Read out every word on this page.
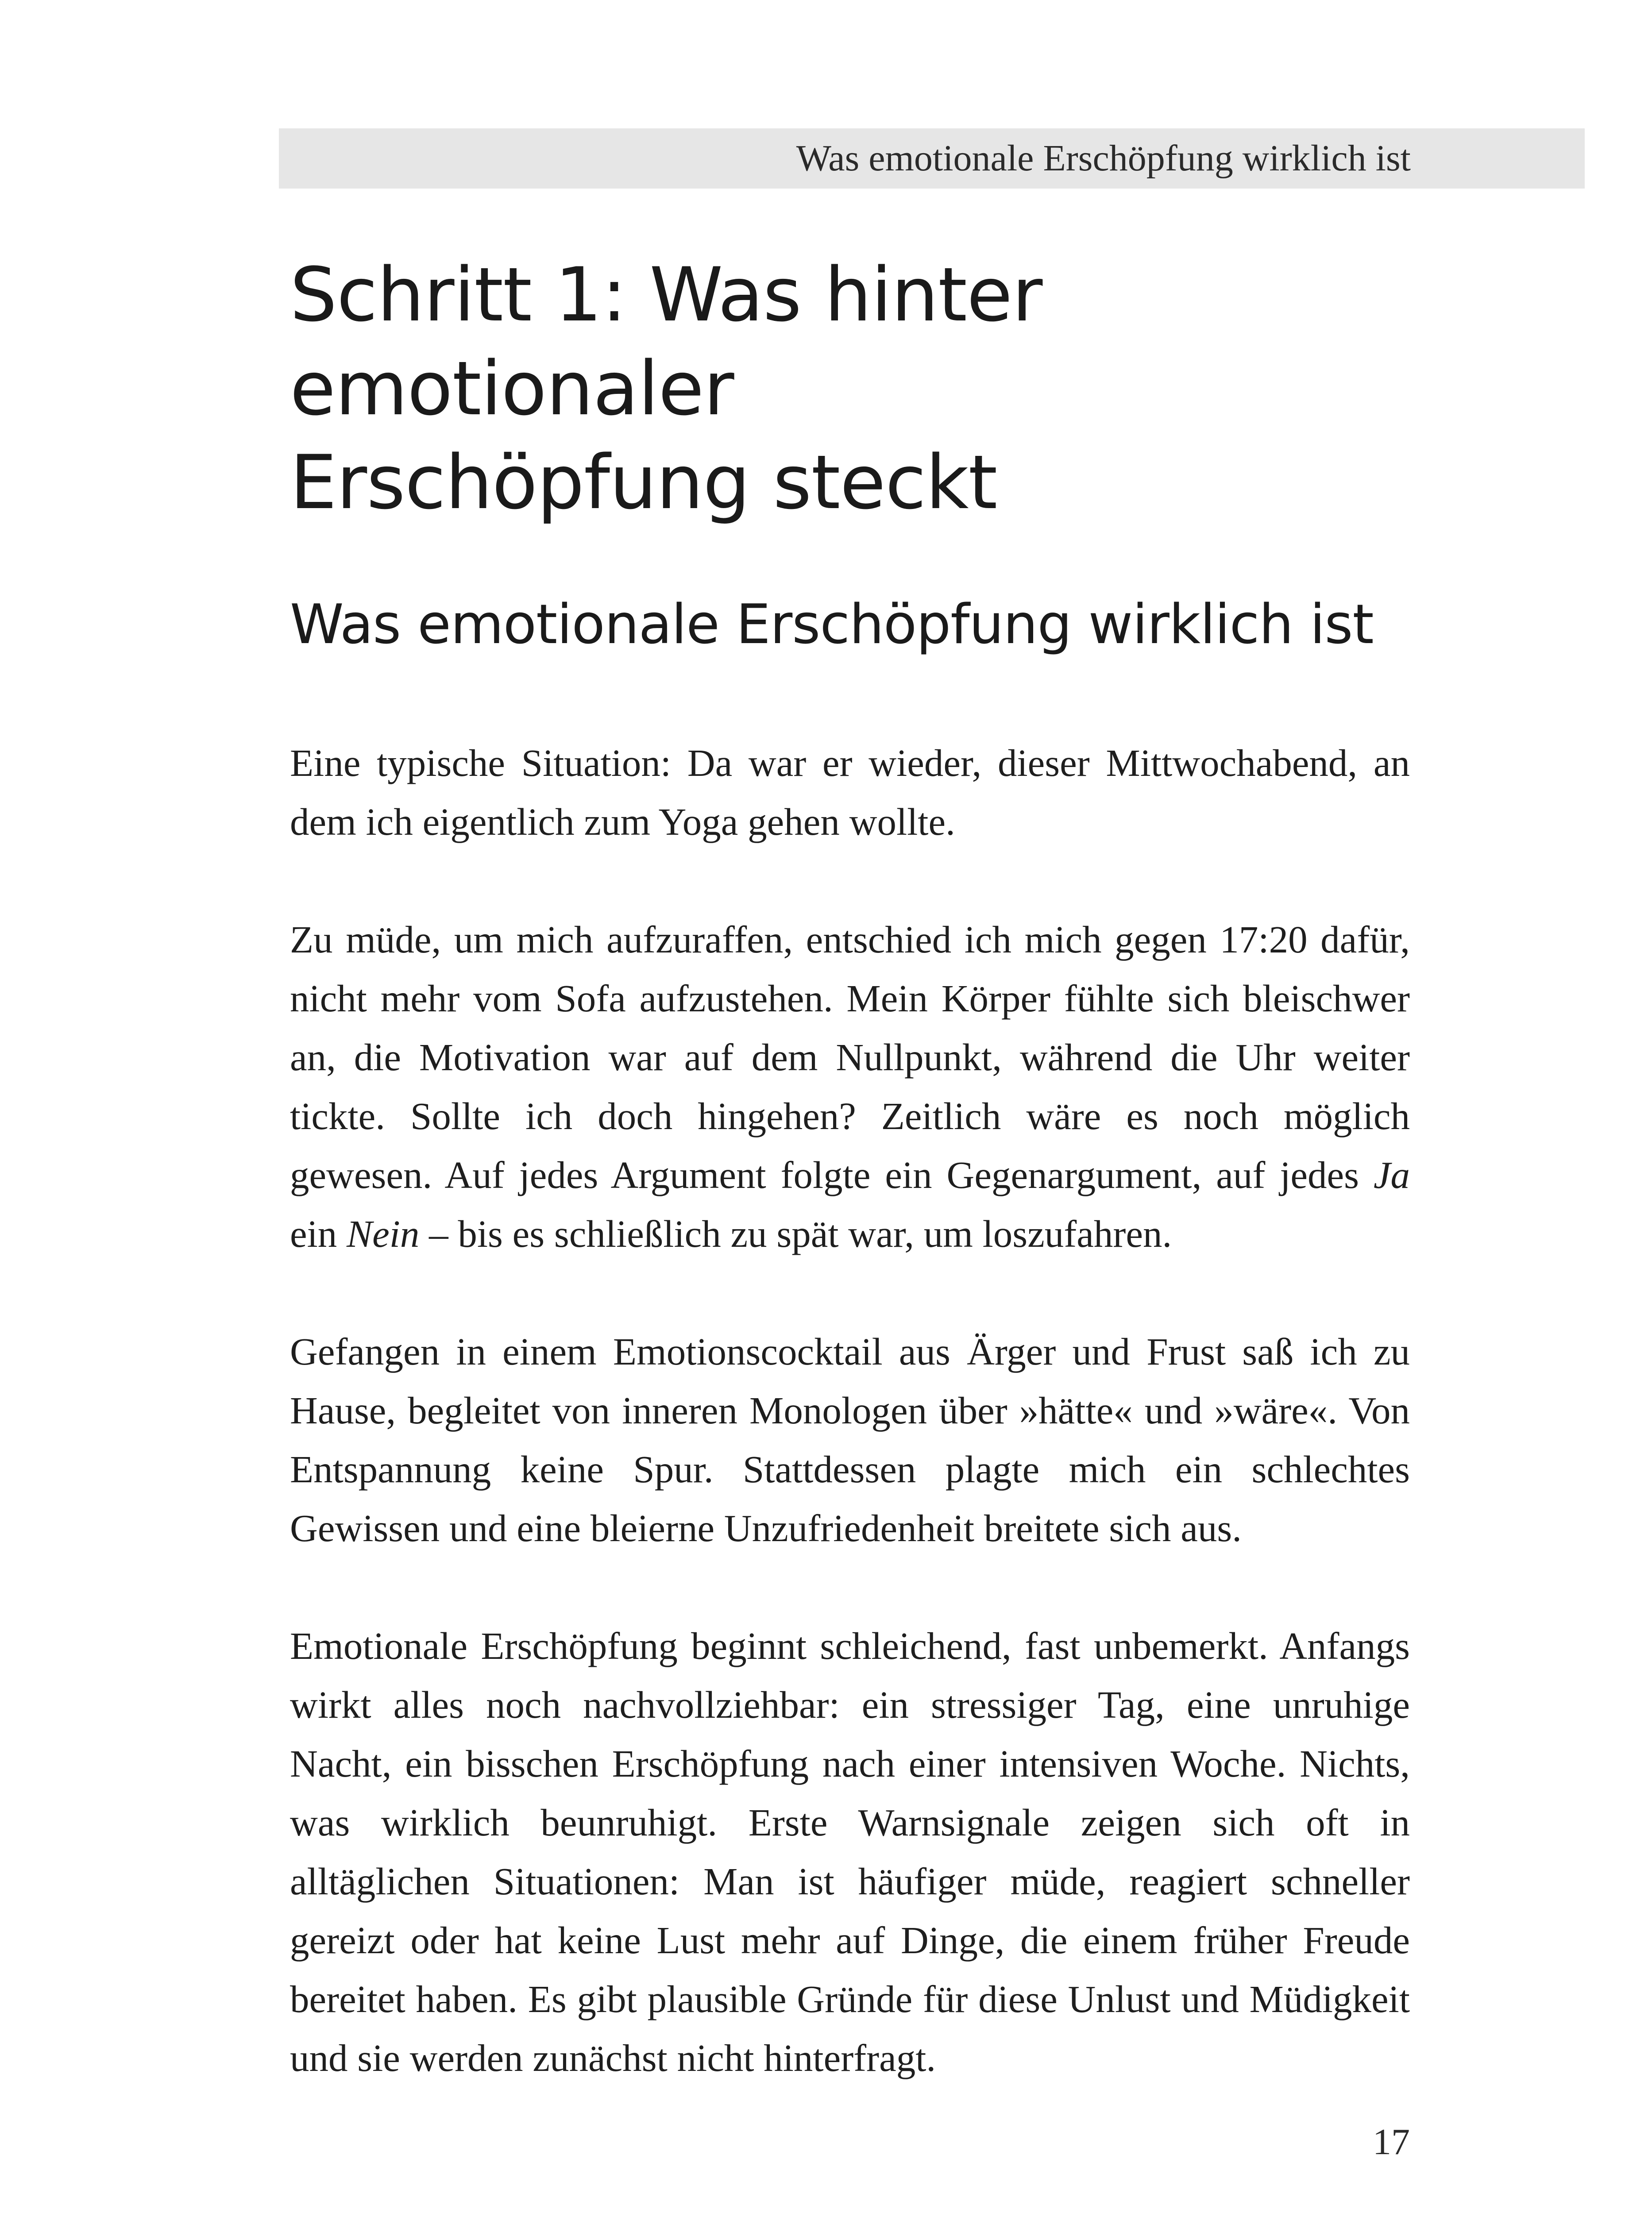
Was emotionale Erschöpfung wirklich ist
Schritt 1: Was hinter emotionaler
Erschöpfung steckt
Was emotionale Erschöpfung wirklich ist

Eine typische Situation: Da war er wieder, dieser Mittwochabend, an dem ich eigentlich zum Yoga gehen wollte.

Zu müde, um mich aufzuraffen, entschied ich mich gegen 17:20 dafür, nicht mehr vom Sofa aufzustehen. Mein Körper fühlte sich bleischwer an, die Motivation war auf dem Nullpunkt, während die Uhr weiter tickte. Sollte ich doch hingehen? Zeitlich wäre es noch möglich gewesen. Auf jedes Argument folgte ein Gegenargument, auf jedes Ja ein Nein – bis es schließlich zu spät war, um loszufahren.

Gefangen in einem Emotionscocktail aus Ärger und Frust saß ich zu Hause, begleitet von inneren Monologen über »hätte« und »wäre«. Von Entspannung keine Spur. Stattdessen plagte mich ein schlechtes Gewissen und eine bleierne Unzufriedenheit breitete sich aus.

Emotionale Erschöpfung beginnt schleichend, fast unbemerkt. Anfangs wirkt alles noch nachvollziehbar: ein stressiger Tag, eine unruhige Nacht, ein bisschen Erschöpfung nach einer intensiven Woche. Nichts, was wirklich beunruhigt. Erste Warnsignale zeigen sich oft in alltäglichen Situationen: Man ist häufiger müde, reagiert schneller gereizt oder hat keine Lust mehr auf Dinge, die einem früher Freude bereitet haben. Es gibt plausible Gründe für diese Unlust und Müdigkeit und sie werden zunächst nicht hinterfragt.

17
